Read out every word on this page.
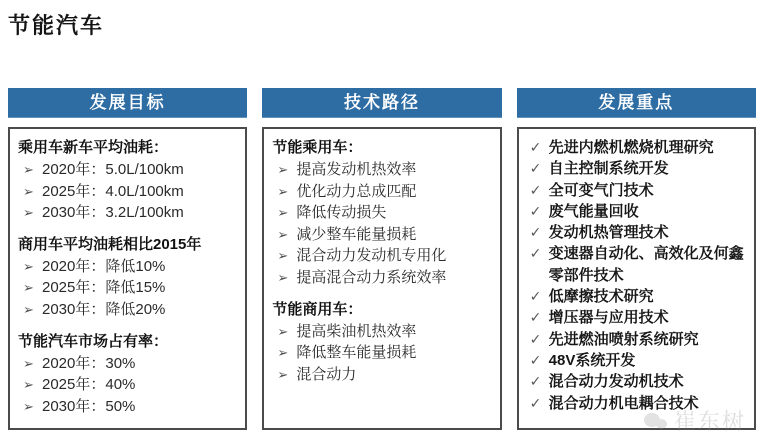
节能汽车
发展目标
乘用车新车平均油耗：
➢ 2020年：5.0L/100km
➢ 2025年：4.0L/100km
➢ 2030年：3.2L/100km
商用车平均油耗相比2015年
➢ 2020年：降低10%
➢ 2025年：降低15%
➢ 2030年：降低20%
节能汽车市场占有率：
➢ 2020年：30%
➢ 2025年：40%
➢ 2030年：50%
技术路径
节能乘用车：
➢ 提高发动机热效率
➢ 优化动力总成匹配
➢ 降低传动损失
➢ 减少整车能量损耗
➢ 混合动力发动机专用化
➢ 提高混合动力系统效率
节能商用车：
➢ 提高柴油机热效率
➢ 降低整车能量损耗
➢ 混合动力
发展重点
✓ 先进内燃机燃烧机理研究
✓ 自主控制系统开发
✓ 全可变气门技术
✓ 废气能量回收
✓ 发动机热管理技术
✓ 变速器自动化、高效化及何鑫零部件技术
✓ 低摩擦技术研究
✓ 增压器与应用技术
✓ 先进燃油喷射系统研究
✓ 48V系统开发
✓ 混合动力发动机技术
✓ 混合动力机电耦合技术
崔东树
